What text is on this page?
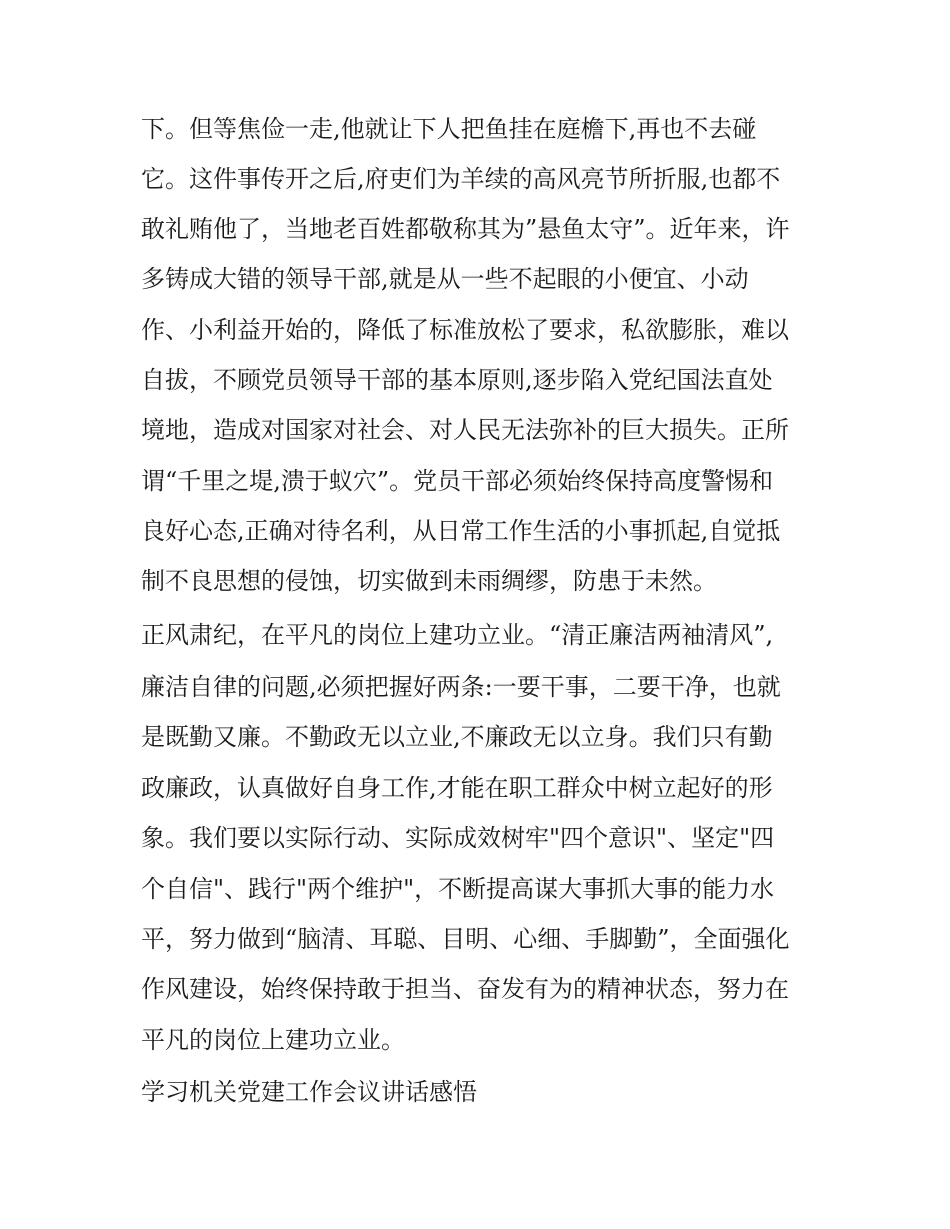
下。但等焦俭一走,他就让下人把鱼挂在庭檐下,再也不去碰
它。这件事传开之后,府吏们为羊续的高风亮节所折服,也都不
敢礼贿他了，当地老百姓都敬称其为”悬鱼太守”。近年来，许
多铸成大错的领导干部,就是从一些不起眼的小便宜、小动
作、小利益开始的，降低了标准放松了要求，私欲膨胀，难以
自拔，不顾党员领导干部的基本原则,逐步陷入党纪国法直处
境地，造成对国家对社会、对人民无法弥补的巨大损失。正所
谓“千里之堤,溃于蚁穴”。党员干部必须始终保持高度警惕和
良好心态,正确对待名利，从日常工作生活的小事抓起,自觉抵
制不良思想的侵蚀，切实做到未雨绸缪，防患于未然。
正风肃纪，在平凡的岗位上建功立业。“清正廉洁两袖清风”,
廉洁自律的问题,必须把握好两条:一要干事，二要干净，也就
是既勤又廉。不勤政无以立业,不廉政无以立身。我们只有勤
政廉政，认真做好自身工作,才能在职工群众中树立起好的形
象。我们要以实际行动、实际成效树牢"四个意识"、坚定"四
个自信"、践行"两个维护"，不断提高谋大事抓大事的能力水
平，努力做到“脑清、耳聪、目明、心细、手脚勤”，全面强化
作风建设，始终保持敢于担当、奋发有为的精神状态，努力在
平凡的岗位上建功立业。
学习机关党建工作会议讲话感悟
